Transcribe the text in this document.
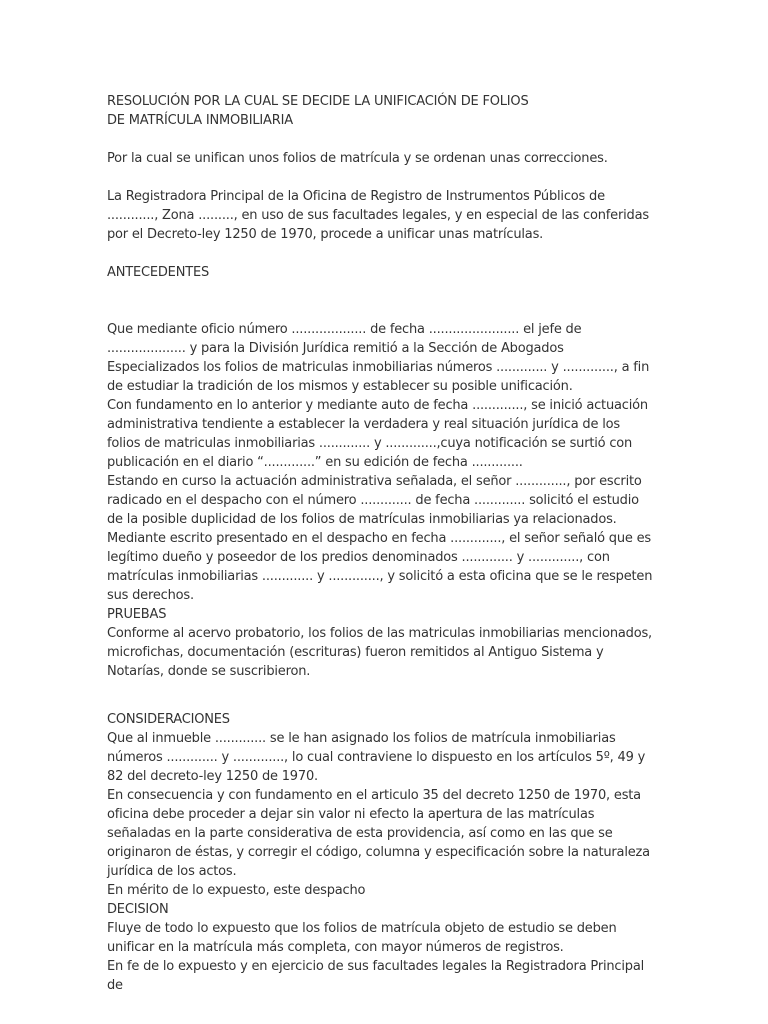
RESOLUCIÓN POR LA CUAL SE DECIDE LA UNIFICACIÓN DE FOLIOS
DE MATRÍCULA INMOBILIARIA

Por la cual se unifican unos folios de matrícula y se ordenan unas correcciones.

La Registradora Principal de la Oficina de Registro de Instrumentos Públicos de ............, Zona ........., en uso de sus facultades legales, y en especial de las conferidas por el Decreto-ley 1250 de 1970, procede a unificar unas matrículas.

ANTECEDENTES

Que mediante oficio número ................... de fecha ....................... el jefe de .................... y para la División Jurídica remitió a la Sección de Abogados Especializados los folios de matriculas inmobiliarias números ............. y ............., a fin de estudiar la tradición de los mismos y establecer su posible unificación.

Con fundamento en lo anterior y mediante auto de fecha ............., se inició actuación administrativa tendiente a establecer la verdadera y real situación jurídica de los folios de matriculas inmobiliarias ............. y .............,cuya notificación se surtió con publicación en el diario “.............” en su edición de fecha .............

Estando en curso la actuación administrativa señalada, el señor ............., por escrito radicado en el despacho con el número ............. de fecha ............. solicitó el estudio de la posible duplicidad de los folios de matrículas inmobiliarias ya relacionados.

Mediante escrito presentado en el despacho en fecha ............., el señor señaló que es legítimo dueño y poseedor de los predios denominados ............. y ............., con matrículas inmobiliarias ............. y ............., y solicitó a esta oficina que se le respeten sus derechos.

PRUEBAS

Conforme al acervo probatorio, los folios de las matriculas inmobiliarias mencionados, microfichas, documentación (escrituras) fueron remitidos al Antiguo Sistema y Notarías, donde se suscribieron.

CONSIDERACIONES

Que al inmueble ............. se le han asignado los folios de matrícula inmobiliarias números ............. y ............., lo cual contraviene lo dispuesto en los artículos 5º, 49 y 82 del decreto-ley 1250 de 1970.

En consecuencia y con fundamento en el articulo 35 del decreto 1250 de 1970, esta oficina debe proceder a dejar sin valor ni efecto la apertura de las matrículas señaladas en la parte considerativa de esta providencia, así como en las que se originaron de éstas, y corregir el código, columna y especificación sobre la naturaleza jurídica de los actos.

En mérito de lo expuesto, este despacho

DECISION

Fluye de todo lo expuesto que los folios de matrícula objeto de estudio se deben unificar en la matrícula más completa, con mayor números de registros.

En fe de lo expuesto y en ejercicio de sus facultades legales la Registradora Principal de
